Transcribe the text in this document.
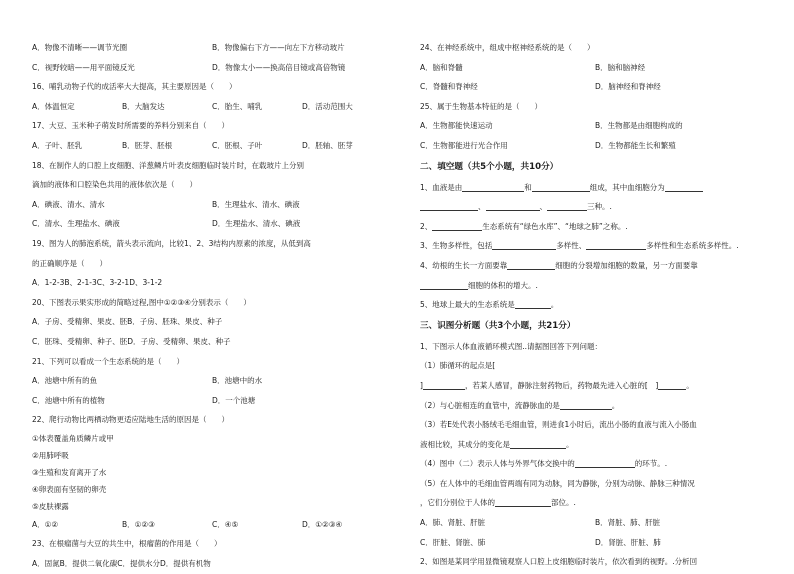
A．物像不清晰——调节光圈	B．物像偏右下方——向左下方移动玻片
C．视野较暗——用平面镜反光	D．物像太小——换高倍目镜或高倍物镜
16、哺乳动物子代的成活率大大提高，其主要原因是（　　）
A．体温恒定	B．大脑发达	C．胎生、哺乳	D．活动范围大
17、大豆、玉米种子萌发时所需要的养料分别来自（　　）
A．子叶、胚乳	B．胚芽、胚根	C．胚根、子叶	D．胚轴、胚芽
18、在制作人的口腔上皮细胞、洋葱鳞片叶表皮细胞临时装片时，在载玻片上分别
滴加的液体和口腔染色共用的液体依次是（　　）
A．碘液、清水、清水	B．生理盐水、清水、碘液
C．清水、生理盐水、碘液	D．生理盐水、清水、碘液
19、图为人的肺泡系统，箭头表示流向，比较1、2、3结构内原素的浓度，从低到高
的正确顺序是（　　）
A．1-2-3B、2-1-3C、3-2-1D、3-1-2
20、下图表示果实形成的简略过程,图中①②③④分别表示（　　）
A．子房、受精卵、果皮、胚B．子房、胚珠、果皮、种子
C．胚珠、受精卵、种子、胚D．子房、受精卵、果皮、种子
21、下列可以看成一个生态系统的是（　　）
A．池塘中所有的鱼	B．池塘中的水
C．池塘中所有的植物	D．一个池塘
22、爬行动物比两栖动物更适应陆地生活的原因是（　　）
①体表覆盖角质鳞片或甲
②用肺呼吸
③生殖和发育离开了水
④卵表面有坚韧的卵壳
⑤皮肤裸露
A．①②	B．①②③	C．④⑤	D．①②③④
23、在根瘤菌与大豆的共生中，根瘤菌的作用是（　　）
A．固氮B．提供二氧化碳C．提供水分D．提供有机物
24、在神经系统中，组成中枢神经系统的是（　　）
A．脑和脊髓	B．脑和脑神经
C．脊髓和脊神经	D．脑神经和脊神经
25、属于生物基本特征的是（　　）
A．生物都能快速运动	B．生物都是由细胞构成的
C．生物都能进行光合作用	D．生物都能生长和繁殖
二、填空题（共5个小题，共10分）
1、血液是由	和	组成，其中血细胞分为
、	、	三种。.
2、	生态系统有“绿色水库”、“地球之肺”之称。.
3、生物多样性，包括	多样性、	多样性和生态系统多样性。.
4、幼根的生长一方面要靠	细胞的分裂增加细胞的数量，另一方面要靠
细胞的体积的增大。.
5、地球上最大的生态系统是	。
三、识图分析题（共3个小题，共21分）
1、下图示人体血液循环模式图..请据图回答下列问题：
（1）肺循环的起点是[
]	，若某人感冒，静脉注射药物后，药物最先进入心脏的[　]	。
（2）与心脏相连的血管中，流静脉血的是	。
（3）若E处代表小肠绒毛毛细血管，则进食1小时后，流出小肠的血液与流入小肠血
液相比较，其成分的变化是	。
（4）图中（二）表示人体与外界气体交换中的	的环节。.
（5）在人体中的毛细血管两端有同为动脉，同为静脉，分别为动脉、静脉三种情况
，它们分别位于人体的	部位。.
A．肺、肾脏、肝脏	B．肾脏、肺、肝脏
C．肝脏、肾脏、肺	D．肾脏、肝脏、肺
2、如图是某同学用显微镜观察人口腔上皮细胞临时装片，依次看到的视野。.分析回
